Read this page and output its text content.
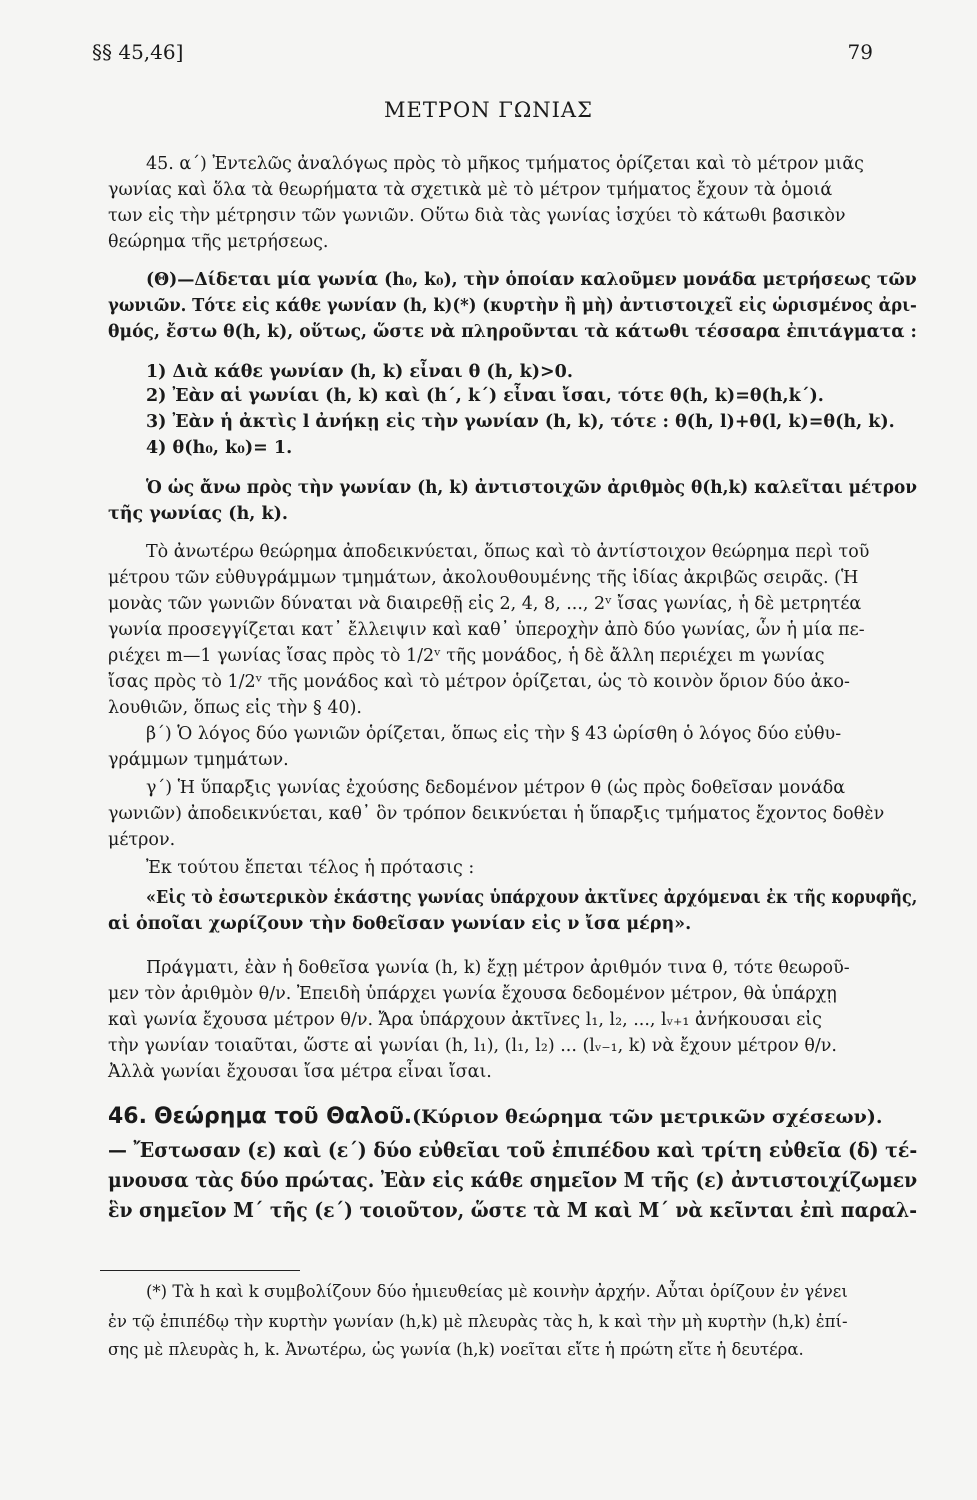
§§ 45,46]	79
ΜΕΤΡΟΝ ΓΩΝΙΑΣ
45. α΄) Ἐντελῶς ἀναλόγως πρὸς τὸ μῆκος τμήματος ὁρίζεται καὶ τὸ μέτρον μιᾶς
γωνίας καὶ ὅλα τὰ θεωρήματα τὰ σχετικὰ μὲ τὸ μέτρον τμήματος ἔχουν τὰ ὁμοιά
των εἰς τὴν μέτρησιν τῶν γωνιῶν. Οὕτω διὰ τὰς γωνίας ἰσχύει τὸ κάτωθι βασικὸν
θεώρημα τῆς μετρήσεως.
(Θ)—Δίδεται μία γωνία (h₀, k₀), τὴν ὁποίαν καλοῦμεν μονάδα μετρήσεως τῶν
γωνιῶν. Τότε εἰς κάθε γωνίαν (h, k)(*) (κυρτὴν ἢ μὴ) ἀντιστοιχεῖ εἰς ὡρισμένος ἀρι-
θμός, ἔστω θ(h, k), οὕτως, ὥστε νὰ πληροῦνται τὰ κάτωθι τέσσαρα ἐπιτάγματα :
1) Διὰ κάθε γωνίαν (h, k) εἶναι θ (h, k)>0.
2) Ἐὰν αἱ γωνίαι (h, k) καὶ (h΄, k΄) εἶναι ἴσαι, τότε θ(h, k)=θ(h,k΄).
3) Ἐὰν ἡ ἀκτὶς l ἀνήκῃ εἰς τὴν γωνίαν (h, k), τότε : θ(h, l)+θ(l, k)=θ(h, k).
4) θ(h₀, k₀)= 1.
Ὁ ὡς ἄνω πρὸς τὴν γωνίαν (h, k) ἀντιστοιχῶν ἀριθμὸς θ(h,k) καλεῖται μέτρον
τῆς γωνίας (h, k).
Τὸ ἀνωτέρω θεώρημα ἀποδεικνύεται, ὅπως καὶ τὸ ἀντίστοιχον θεώρημα περὶ τοῦ
μέτρου τῶν εὐθυγράμμων τμημάτων, ἀκολουθουμένης τῆς ἰδίας ἀκριβῶς σειρᾶς. (Ἡ
μονὰς τῶν γωνιῶν δύναται νὰ διαιρεθῇ εἰς 2, 4, 8, ..., 2ᵛ ἴσας γωνίας, ἡ δὲ μετρητέα
γωνία προσεγγίζεται κατ᾽ ἔλλειψιν καὶ καθ᾽ ὑπεροχὴν ἀπὸ δύο γωνίας, ὧν ἡ μία πε-
ριέχει m—1 γωνίας ἴσας πρὸς τὸ 1/2ᵛ τῆς μονάδος, ἡ δὲ ἄλλη περιέχει m γωνίας
ἴσας πρὸς τὸ 1/2ᵛ τῆς μονάδος καὶ τὸ μέτρον ὁρίζεται, ὡς τὸ κοινὸν ὅριον δύο ἀκο-
λουθιῶν, ὅπως εἰς τὴν § 40).
β΄) Ὁ λόγος δύο γωνιῶν ὁρίζεται, ὅπως εἰς τὴν § 43 ὡρίσθη ὁ λόγος δύο εὐθυ-
γράμμων τμημάτων.
γ΄) Ἡ ὕπαρξις γωνίας ἐχούσης δεδομένον μέτρον θ (ὡς πρὸς δοθεῖσαν μονάδα
γωνιῶν) ἀποδεικνύεται, καθ᾽ ὃν τρόπον δεικνύεται ἡ ὕπαρξις τμήματος ἔχοντος δοθὲν
μέτρον.
Ἐκ τούτου ἔπεται τέλος ἡ πρότασις :
«Εἰς τὸ ἐσωτερικὸν ἑκάστης γωνίας ὑπάρχουν ἀκτῖνες ἀρχόμεναι ἐκ τῆς κορυφῆς,
αἱ ὁποῖαι χωρίζουν τὴν δοθεῖσαν γωνίαν εἰς ν ἴσα μέρη».
Πράγματι, ἐὰν ἡ δοθεῖσα γωνία (h, k) ἔχῃ μέτρον ἀριθμόν τινα θ, τότε θεωροῦ-
μεν τὸν ἀριθμὸν θ/ν. Ἐπειδὴ ὑπάρχει γωνία ἔχουσα δεδομένον μέτρον, θὰ ὑπάρχῃ
καὶ γωνία ἔχουσα μέτρον θ/ν. Ἄρα ὑπάρχουν ἀκτῖνες l₁, l₂, ..., lᵥ₊₁ ἀνήκουσαι εἰς
τὴν γωνίαν τοιαῦται, ὥστε αἱ γωνίαι (h, l₁), (l₁, l₂) ... (lᵥ₋₁, k) νὰ ἔχουν μέτρον θ/ν.
Ἀλλὰ γωνίαι ἔχουσαι ἴσα μέτρα εἶναι ἴσαι.
46. Θεώρημα τοῦ Θαλοῦ.(Κύριον θεώρημα τῶν μετρικῶν σχέσεων).
— Ἔστωσαν (ε) καὶ (ε΄) δύο εὐθεῖαι τοῦ ἐπιπέδου καὶ τρίτη εὐθεῖα (δ) τέ-
μνουσα τὰς δύο πρώτας. Ἐὰν εἰς κάθε σημεῖον Μ τῆς (ε) ἀντιστοιχίζωμεν
ἓν σημεῖον Μ΄ τῆς (ε΄) τοιοῦτον, ὥστε τὰ Μ καὶ Μ΄ νὰ κεῖνται ἐπὶ παραλ-
(*) Τὰ h καὶ k συμβολίζουν δύο ἡμιευθείας μὲ κοινὴν ἀρχήν. Αὗται ὁρίζουν ἐν γένει
ἐν τῷ ἐπιπέδῳ τὴν κυρτὴν γωνίαν (h,k) μὲ πλευρὰς τὰς h, k καὶ τὴν μὴ κυρτὴν (h,k) ἐπί-
σης μὲ πλευρὰς h, k. Ἀνωτέρω, ὡς γωνία (h,k) νοεῖται εἴτε ἡ πρώτη εἴτε ἡ δευτέρα.
